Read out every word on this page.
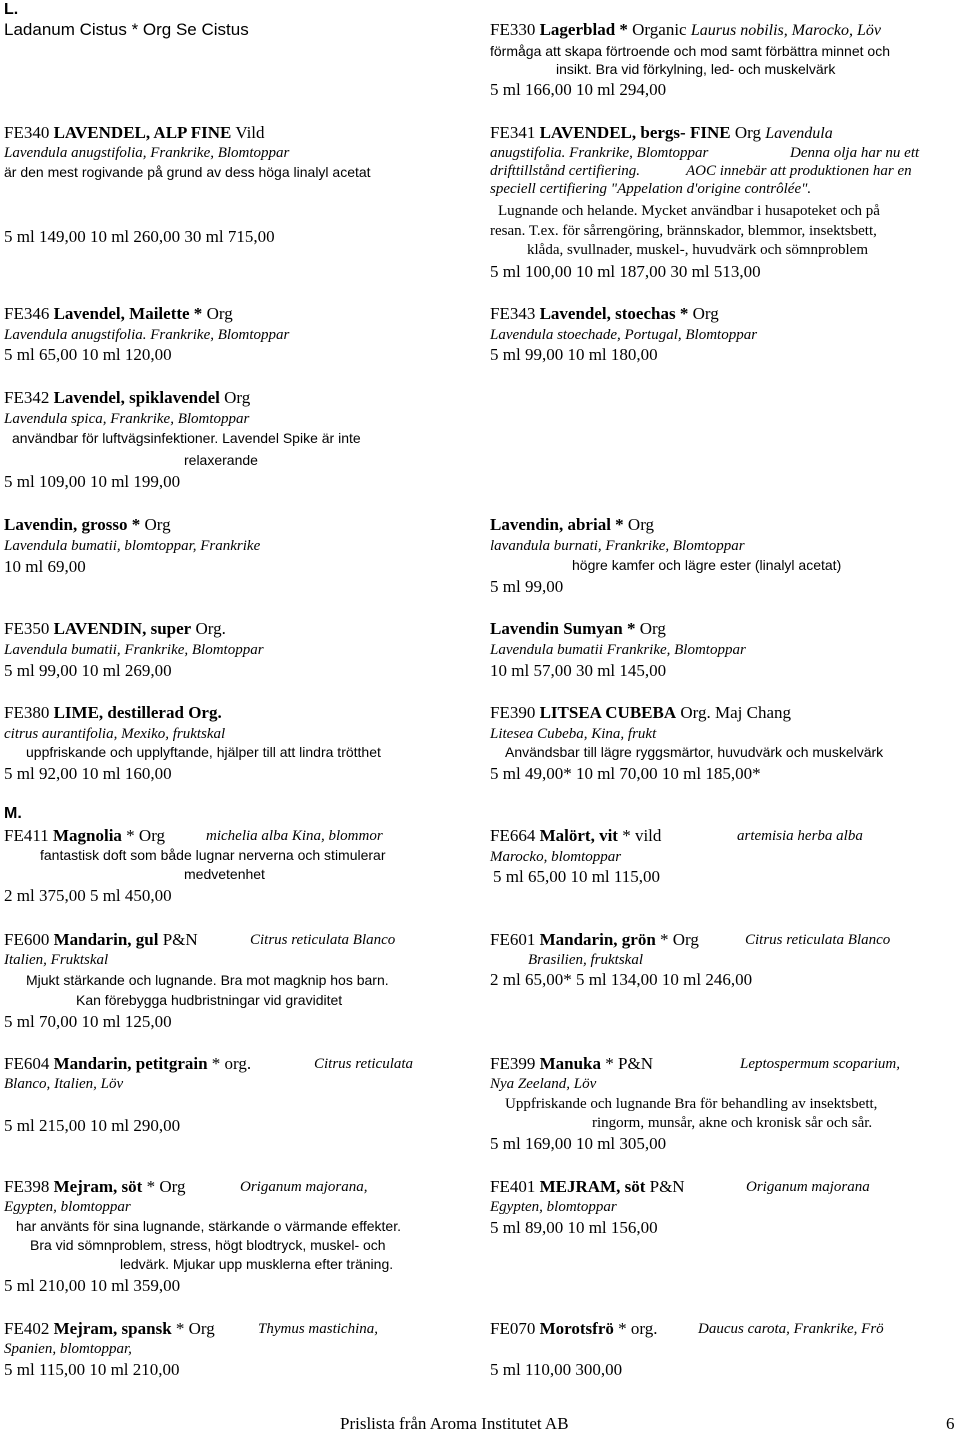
L.
Ladanum Cistus * Org Se Cistus	FE330 Lagerblad * Organic Laurus nobilis, Marocko, Löv
förmåga att skapa förtroende och mod samt förbättra minnet och
insikt. Bra vid förkylning, led- och muskelvärk
5 ml 166,00 10 ml 294,00
FE340 LAVENDEL, ALP FINE Vild
Lavendula anugstifolia, Frankrike, Blomtoppar
är den mest rogivande på grund av dess höga linalyl acetat
5 ml 149,00 10 ml 260,00 30 ml 715,00
FE341 LAVENDEL, bergs- FINE Org Lavendula
anugstifolia. Frankrike, Blomtoppar	Denna olja har nu ett
drifttillstånd certifiering.	AOC innebär att produktionen har en
speciell certifiering "Appelation d'origine contrôlée".
Lugnande och helande. Mycket användbar i husapoteket och på
resan. T.ex. för sårrengöring, brännskador, blemmor, insektsbett,
klåda, svullnader, muskel-, huvudvärk och sömnproblem
5 ml 100,00 10 ml 187,00 30 ml 513,00
FE346 Lavendel, Mailette * Org
Lavendula anugstifolia. Frankrike, Blomtoppar
5 ml 65,00 10 ml 120,00
FE343 Lavendel, stoechas * Org
Lavendula stoechade, Portugal, Blomtoppar
5 ml 99,00 10 ml 180,00
FE342 Lavendel, spiklavendel Org
Lavendula spica, Frankrike, Blomtoppar
användbar för luftvägsinfektioner. Lavendel Spike är inte
relaxerande
5 ml 109,00 10 ml 199,00
Lavendin, grosso * Org
Lavendula bumatii, blomtoppar, Frankrike
10 ml 69,00
Lavendin, abrial * Org
lavandula burnati, Frankrike, Blomtoppar
högre kamfer och lägre ester (linalyl acetat)
5 ml 99,00
FE350 LAVENDIN, super Org.
Lavendula bumatii, Frankrike, Blomtoppar
5 ml 99,00 10 ml 269,00
Lavendin Sumyan * Org
Lavendula bumatii Frankrike, Blomtoppar
10 ml 57,00 30 ml 145,00
FE380 LIME, destillerad Org.
citrus aurantifolia, Mexiko, fruktskal
uppfriskande och upplyftande, hjälper till att lindra trötthet
5 ml 92,00 10 ml 160,00
FE390 LITSEA CUBEBA Org. Maj Chang
Litesea Cubeba, Kina, frukt
Användsbar till lägre ryggsmärtor, huvudvärk och muskelvärk
5 ml 49,00* 10 ml 70,00 10 ml 185,00*
M.
FE411 Magnolia * Org	michelia alba Kina, blommor
fantastisk doft som både lugnar nerverna och stimulerar
medvetenhet
2 ml 375,00 5 ml 450,00
FE664 Malört, vit * vild	artemisia herba alba
Marocko, blomtoppar
5 ml 65,00 10 ml 115,00
FE600 Mandarin, gul P&N	Citrus reticulata Blanco
Italien, Fruktskal
Mjukt stärkande och lugnande. Bra mot magknip hos barn.
Kan förebygga hudbristningar vid graviditet
5 ml 70,00 10 ml 125,00
FE601 Mandarin, grön * Org	Citrus reticulata Blanco
Brasilien, fruktskal
2 ml 65,00* 5 ml 134,00 10 ml 246,00
FE604 Mandarin, petitgrain * org.	Citrus reticulata
Blanco, Italien, Löv
5 ml 215,00 10 ml 290,00
FE399 Manuka * P&N	Leptospermum scoparium,
Nya Zeeland, Löv
Uppfriskande och lugnande Bra för behandling av insektsbett,
ringorm, munsår, akne och kronisk sår och sår.
5 ml 169,00 10 ml 305,00
FE398 Mejram, söt * Org	Origanum majorana,
Egypten, blomtoppar
har använts för sina lugnande, stärkande o värmande effekter.
Bra vid sömnproblem, stress, högt blodtryck, muskel- och
ledvärk. Mjukar upp musklerna efter träning.
5 ml 210,00 10 ml 359,00
FE401 MEJRAM, söt P&N	Origanum majorana
Egypten, blomtoppar
5 ml 89,00 10 ml 156,00
FE402 Mejram, spansk * Org	Thymus mastichina,
Spanien, blomtoppar,
5 ml 115,00 10 ml 210,00
FE070 Morotsfrö * org.	Daucus carota, Frankrike, Frö
5 ml 110,00 300,00
Prislista från Aroma Institutet AB	6
